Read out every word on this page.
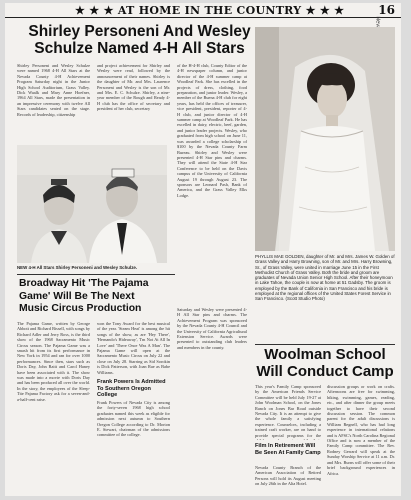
★ ★ ★ AT HOME IN THE COUNTRY ★ ★ ★	16
Shirley Personeni And Wesley
Schulze Named 4-H All Stars
Shirley Personeni and Wesley Schulze were named 1968 4-H All Stars at the Nevada County 4-H Achievement Program Saturday night in the Junior High School Auditorium, Grass Valley. Dick Waalk and Mary Anne Hoefner, 1964 All Stars, made the presentation in an impressive ceremony with twelve All Stars candidates seated on the stage. Records of leadership, citizenship
and project achievement for Shirley and Wesley were read, followed by the announcement of their names. Shirley is the daughter of Mr. and Mrs. Laurence Personeni and Wesley is the son of Mr. and Mrs. E. C. Schulze. Shirley, a nine-year member of the Rough and Ready 4-H club has the office of secretary and president of her club, secretary
of the H-4-H club, County Editor of the 4-H newspaper column, and junior director of the 4-H summer camp at Woodleaf Park. She has excelled in the projects of dress, clothing, food preparation, and junior leader. Wesley, a member of the Buena 4-H club for eight years, has held the offices of treasurer, vice president, president, reporter of 4-H club, and junior director of 4-H summer camp at Woodleaf Park. He has excelled in dairy, electric, beef, garden, and junior leader projects. Wesley, who graduated from high school on June 11, was awarded a college scholarship of $100 by the Nevada County Farm Bureau. Shirley and Wesley were presented 4-H Star pins and charms. They will attend the State 4-H Star Conference to be held on the Davis campus of the University of California August 19 through August 23. The sponsors are Leonard Pash, Bank of America, and the Grass Valley Elks Lodge.
NEW 4-H All Stars Shirley Personeni and Wesley Schulze.
Broadway Hit 'The Pajama
Game' Will Be The Next
Music Circus Production
The Pajama Game, written by George Abbott and Richard Bissell, with songs by Richard Adler and Jerry Ross, is the third show of the 1968 Sacramento Music Circus season. The Pajama Game was a smash hit from its first performance in New York in 1954 and ran for over 1000 performances. Since then, stars such as Doris Day, John Raitt and Carol Haney have been associated with it. The show was made into a movie with Doris Day and has been produced all over the world. In the story, the employees of the Sleep-Tite Pajama Factory ask for a seven-and-a-half-cent raise.
won the Tony Award for the best musical of the year. 'Steam Heat' is among the hit songs of the show, as are 'Hey There', 'Hernando's Hideaway', 'I'm Not At All In Love' and 'There Once Was A Man'. The Pajama Game will open at the Sacramento Music Circus on July 22 and close on July 28. Starring as Sid Sorokin is Dick Patterson, with Joan Rae as Babe Williams.
Frank Powers Is Admitted To Southern Oregon College
Frank Powers of Nevada City is among the forty-seven 1968 high school graduates named this week as eligible for admission next autumn to Southern Oregon College according to Dr. Morton E. Stewart, chairman of the admissions committee of the college.
Saturday and Wesley were presented 4-H All Star pins and charms. The Achievement Program was sponsored by the Nevada County 4-H Council and the University of California Agricultural Extension Service. Awards were presented to outstanding club leaders and members in the county.
PHYLLIS MAE GOLDEN, daughter of Mr. and Mrs. James W. Golden of Grass Valley and Harry Browning, son of Mr. and Mrs. Harry Browning, Sr., of Grass Valley, were united in marriage June 15 in the First Methodist Church of Grass Valley. Both the bride and groom are graduates of Nevada Union Senior High School. After their honeymoon in Lake Tahoe, the couple is now at home at 51 Gadsby. The groom is employed by the Bank of California in San Francisco and his bride is employed at the regional offices of the United States Forest Service in San Francisco. (Scott Studio Photo)
Woolman School
Will Conduct Camp
This year's Family Camp sponsored by the American Friends Service Committee will be held July 19-27 at John Woolman School, on the Jones Ranch on Jones Bar Road outside Nevada City. It is an attempt to give the whole family a satisfying experience. Counselors, including a trained craft worker, are on hand to provide special programs for the
Film In Retirement Will Be Seen At Family Camp
Nevada County Branch of the American Association of Retired Persons will hold its August meeting on July 26th in the Alta Hotel.
discussion groups or work on crafts. Afternoons are free for swimming, hiking, swimming, games, reading, etc., and after dinner the group meets together to have their second discussion session. The common parent for the adult discussions is William Regnell, who has had long experience in international relations and is AFSC's North Carolina Regional Office and is now a member of the Family Camp committee. The Rev. Rodney Gerrard will speak at the Sunday Worship Service at 11 a.m. Dr. and Mrs. Burns will offer some of their brief background experiences in Africa.
